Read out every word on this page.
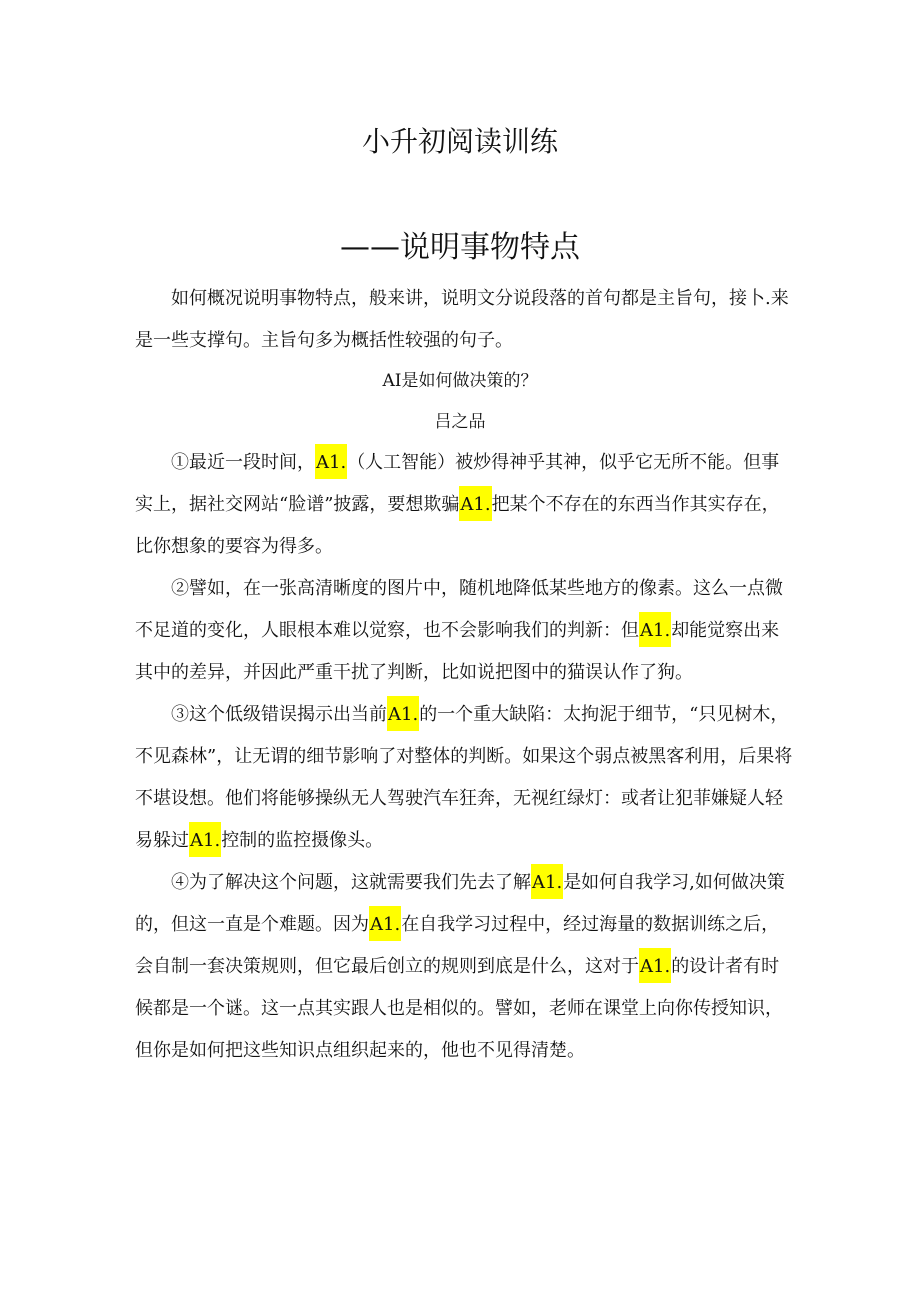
小升初阅读训练
——说明事物特点

如何概况说明事物特点，般来讲，说明文分说段落的首句都是主旨句，接卜.来是一些支撑句。主旨句多为概括性较强的句子。

AI是如何做决策的？
吕之品

①最近一段时间，A1.（人工智能）被炒得神乎其神，似乎它无所不能。但事实上，据社交网站“脸谱”披露，要想欺骗A1.把某个不存在的东西当作其实存在，比你想象的要容为得多。

②譬如，在一张高清晰度的图片中，随机地降低某些地方的像素。这么一点微不足道的变化，人眼根本难以觉察，也不会影响我们的判新：但A1.却能觉察出来其中的差异，并因此严重干扰了判断，比如说把图中的猫误认作了狗。

③这个低级错误揭示出当前A1.的一个重大缺陷：太拘泥于细节，“只见树木，不见森林”，让无谓的细节影响了对整体的判断。如果这个弱点被黑客利用，后果将不堪设想。他们将能够操纵无人驾驶汽车狂奔，无视红绿灯：或者让犯菲嫌疑人轻易躲过A1.控制的监控摄像头。

④为了解决这个问题，这就需要我们先去了解A1.是如何自我学习,如何做决策的，但这一直是个难题。因为A1.在自我学习过程中，经过海量的数据训练之后，会自制一套决策规则，但它最后创立的规则到底是什么，这对于A1.的设计者有时候都是一个谜。这一点其实跟人也是相似的。譬如，老师在课堂上向你传授知识，但你是如何把这些知识点组织起来的，他也不见得清楚。
